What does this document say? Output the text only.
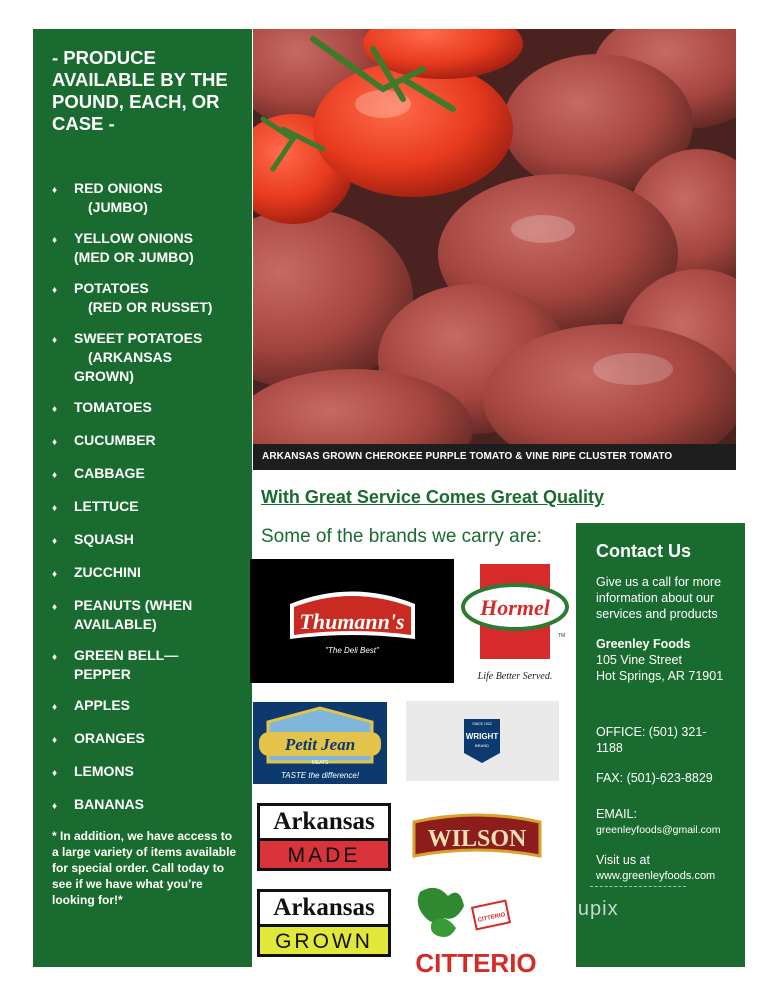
- PRODUCE AVAILABLE BY THE POUND, EACH, OR CASE -
♦	RED ONIONS
(JUMBO)
♦	YELLOW ONIONS
(MED OR JUMBO)
♦	POTATOES
(RED OR RUSSET)
♦	SWEET POTATOES
(ARKANSAS
GROWN)
♦	TOMATOES
♦	CUCUMBER
♦	CABBAGE
♦	LETTUCE
♦	SQUASH
♦	ZUCCHINI
♦	PEANUTS (WHEN
AVAILABLE)
♦	GREEN BELL—
PEPPER
♦	APPLES
♦	ORANGES
♦	LEMONS
♦	BANANAS
* In addition, we have access to a large variety of items available for special order. Call today to see if we have what you’re looking for!*
ARKANSAS GROWN CHEROKEE PURPLE TOMATO & VINE RIPE CLUSTER TOMATO
With Great Service Comes Great Quality
Some of the brands we carry are:
Thumann's
"The Deli Best"
Hormel
TM
Life Better Served.
Petit Jean
MEATS
TASTE the difference!
SINCE 1922
WRIGHT
BRAND
Arkansas
MADE
WILSON
Arkansas
GROWN
CITTERIO
CITTERIO
Contact Us
Give us a call for more information about our services and products
Greenley Foods
105 Vine Street
Hot Springs, AR 71901
OFFICE: (501) 321-1188
FAX: (501)-623-8829
EMAIL:
greenleyfoods@gmail.com
Visit us at
www.greenleyfoods.com
menupix
